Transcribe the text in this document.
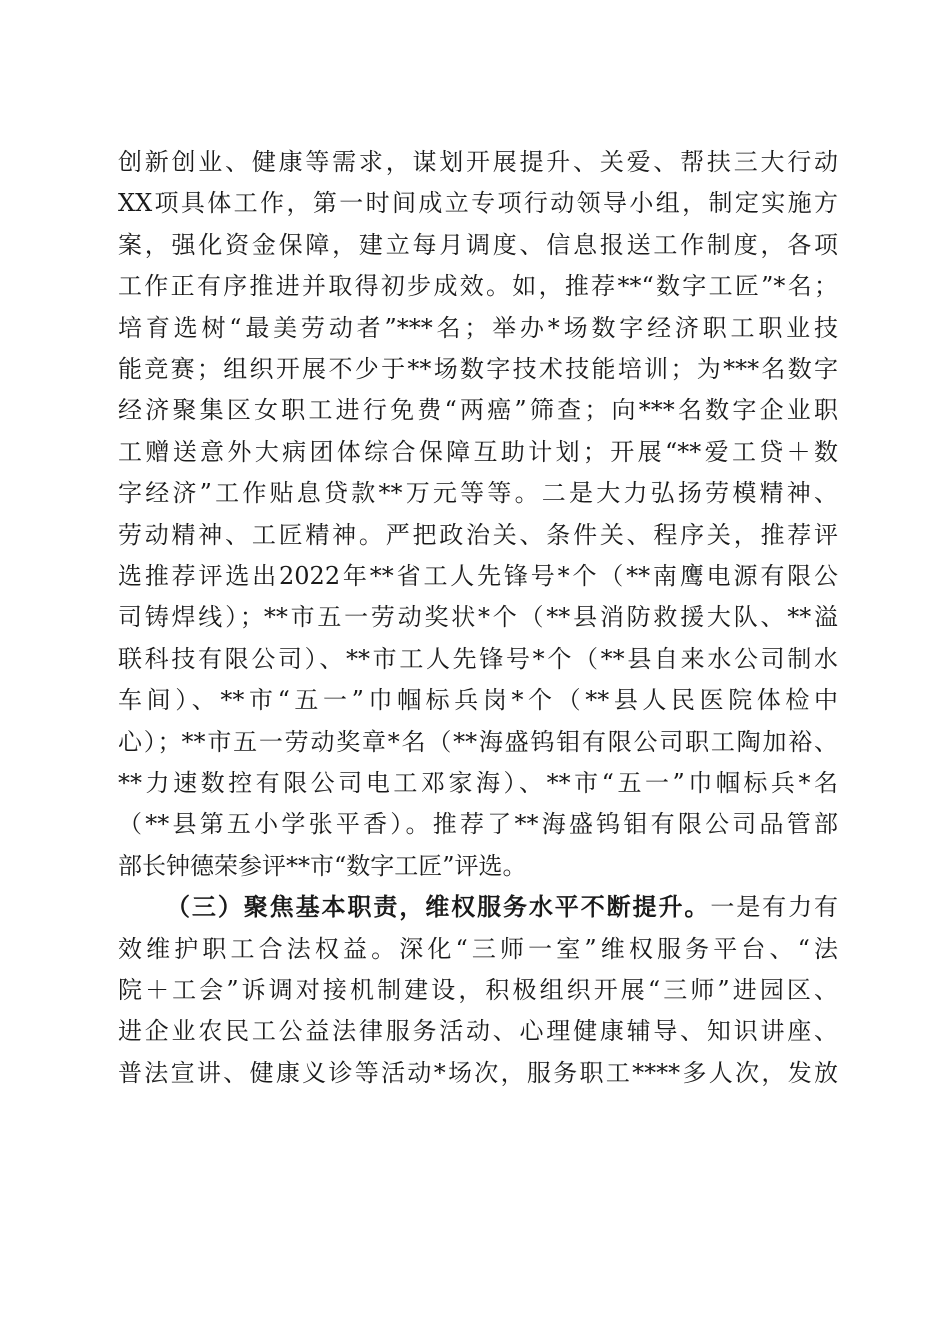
创新创业、健康等需求，谋划开展提升、关爱、帮扶三大行动
XX项具体工作，第一时间成立专项行动领导小组，制定实施方
案，强化资金保障，建立每月调度、信息报送工作制度，各项
工作正有序推进并取得初步成效。如，推荐**“数字工匠”*名；
培育选树“最美劳动者”***名；举办*场数字经济职工职业技
能竞赛；组织开展不少于**场数字技术技能培训；为***名数字
经济聚集区女职工进行免费“两癌”筛查；向***名数字企业职
工赠送意外大病团体综合保障互助计划；开展“**爱工贷＋数
字经济”工作贴息贷款**万元等等。二是大力弘扬劳模精神、
劳动精神、工匠精神。严把政治关、条件关、程序关，推荐评
选推荐评选出2022年**省工人先锋号*个（**南鹰电源有限公
司铸焊线）；**市五一劳动奖状*个（**县消防救援大队、**溢
联科技有限公司）、**市工人先锋号*个（**县自来水公司制水
车间）、**市“五一”巾帼标兵岗*个（**县人民医院体检中
心）；**市五一劳动奖章*名（**海盛钨钼有限公司职工陶加裕、
**力速数控有限公司电工邓家海）、**市“五一”巾帼标兵*名
（**县第五小学张平香）。推荐了**海盛钨钼有限公司品管部
部长钟德荣参评**市“数字工匠”评选。
（三）聚焦基本职责，维权服务水平不断提升。一是有力有
效维护职工合法权益。深化“三师一室”维权服务平台、“法
院＋工会”诉调对接机制建设，积极组织开展“三师”进园区、
进企业农民工公益法律服务活动、心理健康辅导、知识讲座、
普法宣讲、健康义诊等活动*场次，服务职工****多人次，发放
